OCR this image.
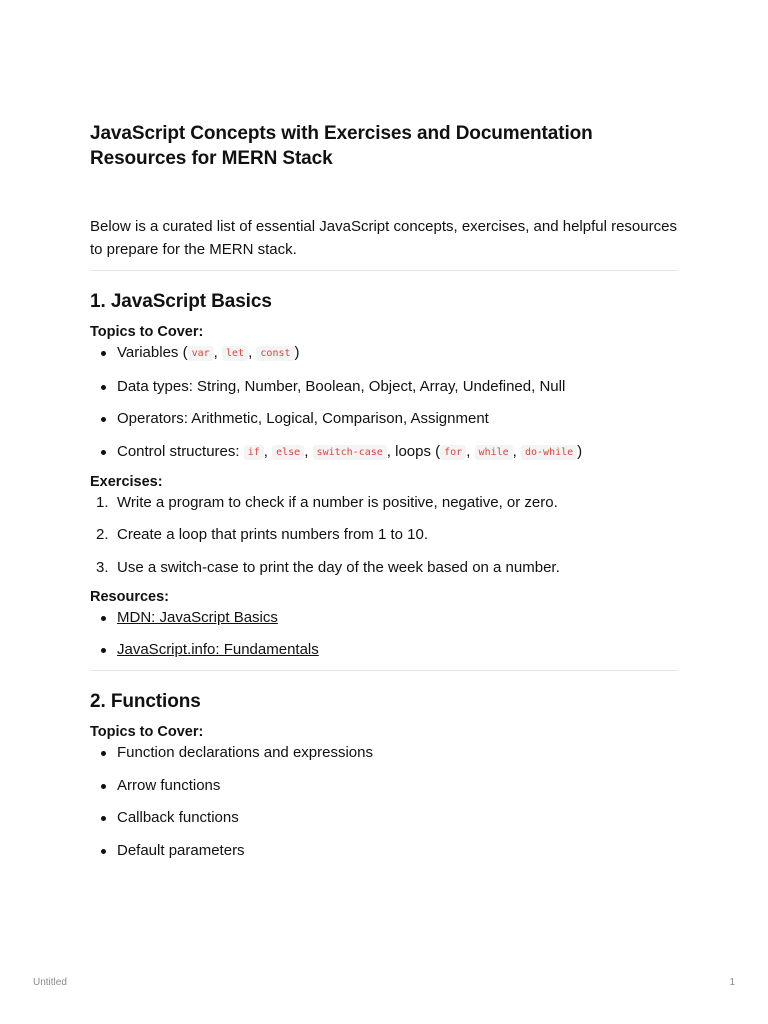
JavaScript Concepts with Exercises and Documentation Resources for MERN Stack

Below is a curated list of essential JavaScript concepts, exercises, and helpful resources to prepare for the MERN stack.

1. JavaScript Basics

Topics to Cover:

Variables ( var , let , const )
Data types: String, Number, Boolean, Object, Array, Undefined, Null
Operators: Arithmetic, Logical, Comparison, Assignment
Control structures: if , else , switch-case , loops ( for , while , do-while )

Exercises:

1. Write a program to check if a number is positive, negative, or zero.
2. Create a loop that prints numbers from 1 to 10.
3. Use a switch-case to print the day of the week based on a number.

Resources:

MDN: JavaScript Basics
JavaScript.info: Fundamentals
2. Functions

Topics to Cover:

Function declarations and expressions
Arrow functions
Callback functions
Default parameters
Untitled	1
